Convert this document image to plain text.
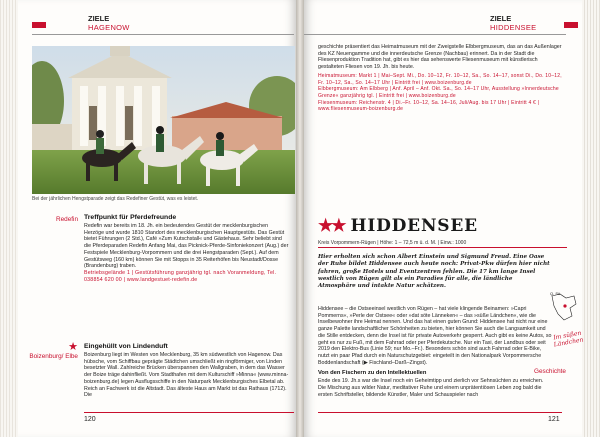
ZIELE
HAGENOW
Redefin
★
Boizenburg/ Elbe
Treffpunkt für Pferdefreunde

Redefin war bereits im 18. Jh. ein bedeutendes Gestüt der mecklenburgischen Herzöge und wurde 1810 Standort des mecklenburgischen Hauptgestüts. Das Gestüt bietet Führungen (2 Std.), Café »Zum Kutschstall« und Gästehaus. Sehr beliebt sind die Pferdeparaden Redefin Anfang Mai, das Picknick-Pferde-Sinfoniekonzert (Aug.) der Festspiele Mecklenburg-Vorpommern und die drei Hengstparaden (Sept.). Auf dem Gestütsweg (160 km) können Sie mit Stopps in 35 Reiterhöfen bis Neustadt/Dosse (Brandenburg) traben.

Betriebsgelände 1 | Gestütsführung ganzjährig tgl. nach Voranmeldung, Tel. 038854 620 00 | www.landgestuet-redefin.de

Eingehüllt von Lindenduft

Boizenburg liegt im Westen von Mecklenburg, 35 km südwestlich von Hagenow. Das hübsche, vom Schiffbau geprägte Städtchen umschließt ein ringförmiger, von Linden besetzter Wall. Zahlreiche Brücken überspannen den Wallgraben, in dem das Wasser der Boize träge dahinfließt. Vom Stadthafen mit dem Kulturschiff »Minna« (www.minna-boizenburg.de) legen Ausflugsschiffe in den Naturpark Mecklenburgisches Elbetal ab. Reich an Fachwerk ist die Altstadt. Das älteste Haus am Markt ist das Rathaus (1712). Die

120
Bei der jährlichen Hengstparade zeigt das Redefiner Gestüt, was es leistet.
ZIELE
HIDDENSEE

geschichte präsentiert das Heimatmuseum mit der Zweigstelle Elbbergmuseum, das an das Außenlager des KZ Neuengamme und die innerdeutsche Grenze (Nachbau) erinnert. Da in der Stadt die Fliesenproduktion Tradition hat, gibt es hier das sehenswerte Fliesenmuseum mit künstlerisch gestalteten Fliesen von 19. Jh. bis heute.

Heimatmuseum: Markt 1 | Mai–Sept. Mi., Do. 10–12, Fr. 10–12, Sa., So. 14–17, sonst Di., Do. 10–12, Fr. 10–12, Sa., So. 14–17 Uhr | Eintritt frei | www.boizenburg.de

Elbbergmuseum: Am Elbberg | Anf. April – Anf. Okt. Sa., So. 14–17 Uhr, Ausstellung »Innerdeutsche Grenze« ganzjährig tgl. | Eintritt frei | www.boizenburg.de

Fliesenmuseum: Reichenstr. 4 | Di.–Fr. 10–12, Sa. 14–16, Juli/Aug. bis 17 Uhr | Eintritt 4 € | www.fliesenmuseum-boizenburg.de

Hiddensee – die Ostseeinsel westlich von Rügen – hat viele klingende Beinamen: »Capri Pommerns«, »Perle der Ostsee« oder »dat söte Länneken« – das »süße Ländchen«, wie die Inselbewohner ihre Heimat nennen. Und das hat einen guten Grund: Hiddensee hat nicht nur eine ganze Palette landschaftlicher Schönheiten zu bieten, hier können Sie auch die Langsamkeit und die Stille entdecken, denn die Insel ist für private Autoverkehr gesperrt. Auch gibt es keine Autos, so geht es nur zu Fuß, mit dem Fahrrad oder per Pferdekutsche. Nur ein Taxi, der Landbus oder seit 2019 den Elektro-Bus (Linie 59; nur Mo.–Fr.). Besonders schön sind auch Fahrrad oder E-Bike, nutzt ein paar Pfad durch ein Naturschutzgebiet: eingeteilt in den Nationalpark Vorpommersche Boddenlandschaft (▶ Fischland–Darß–Zingst).

Von den Fischern zu den Intellektuellen

Ende des 19. Jh.s war die Insel noch ein Geheimtipp und zierlich vor Sehnsüchten zu erreichen. Die Mischung aus wilder Natur, meditativer Ruhe und einem unprätentiösen Leben zog bald die ersten Schriftsteller, bildende Künstler, Maler und Schauspieler nach

Geschichte
121
★★ HIDDENSEE
Kreis Vorpommern-Rügen | Höhe: 1 – 72,5 m ü. d. M. | Einw.: 1000
Hier erholten sich schon Albert Einstein und Sigmund Freud. Eine Oase der Ruhe bildet Hiddensee auch heute noch: Privat-Pkw dürfen hier nicht fahren, große Hotels und Eventzentren fehlen. Die 17 km lange Insel westlich von Rügen gilt als ein Paradies für alle, die ländliche Atmosphäre und intakte Natur schätzen.
Q. Sü
Im süßen Ländchen
